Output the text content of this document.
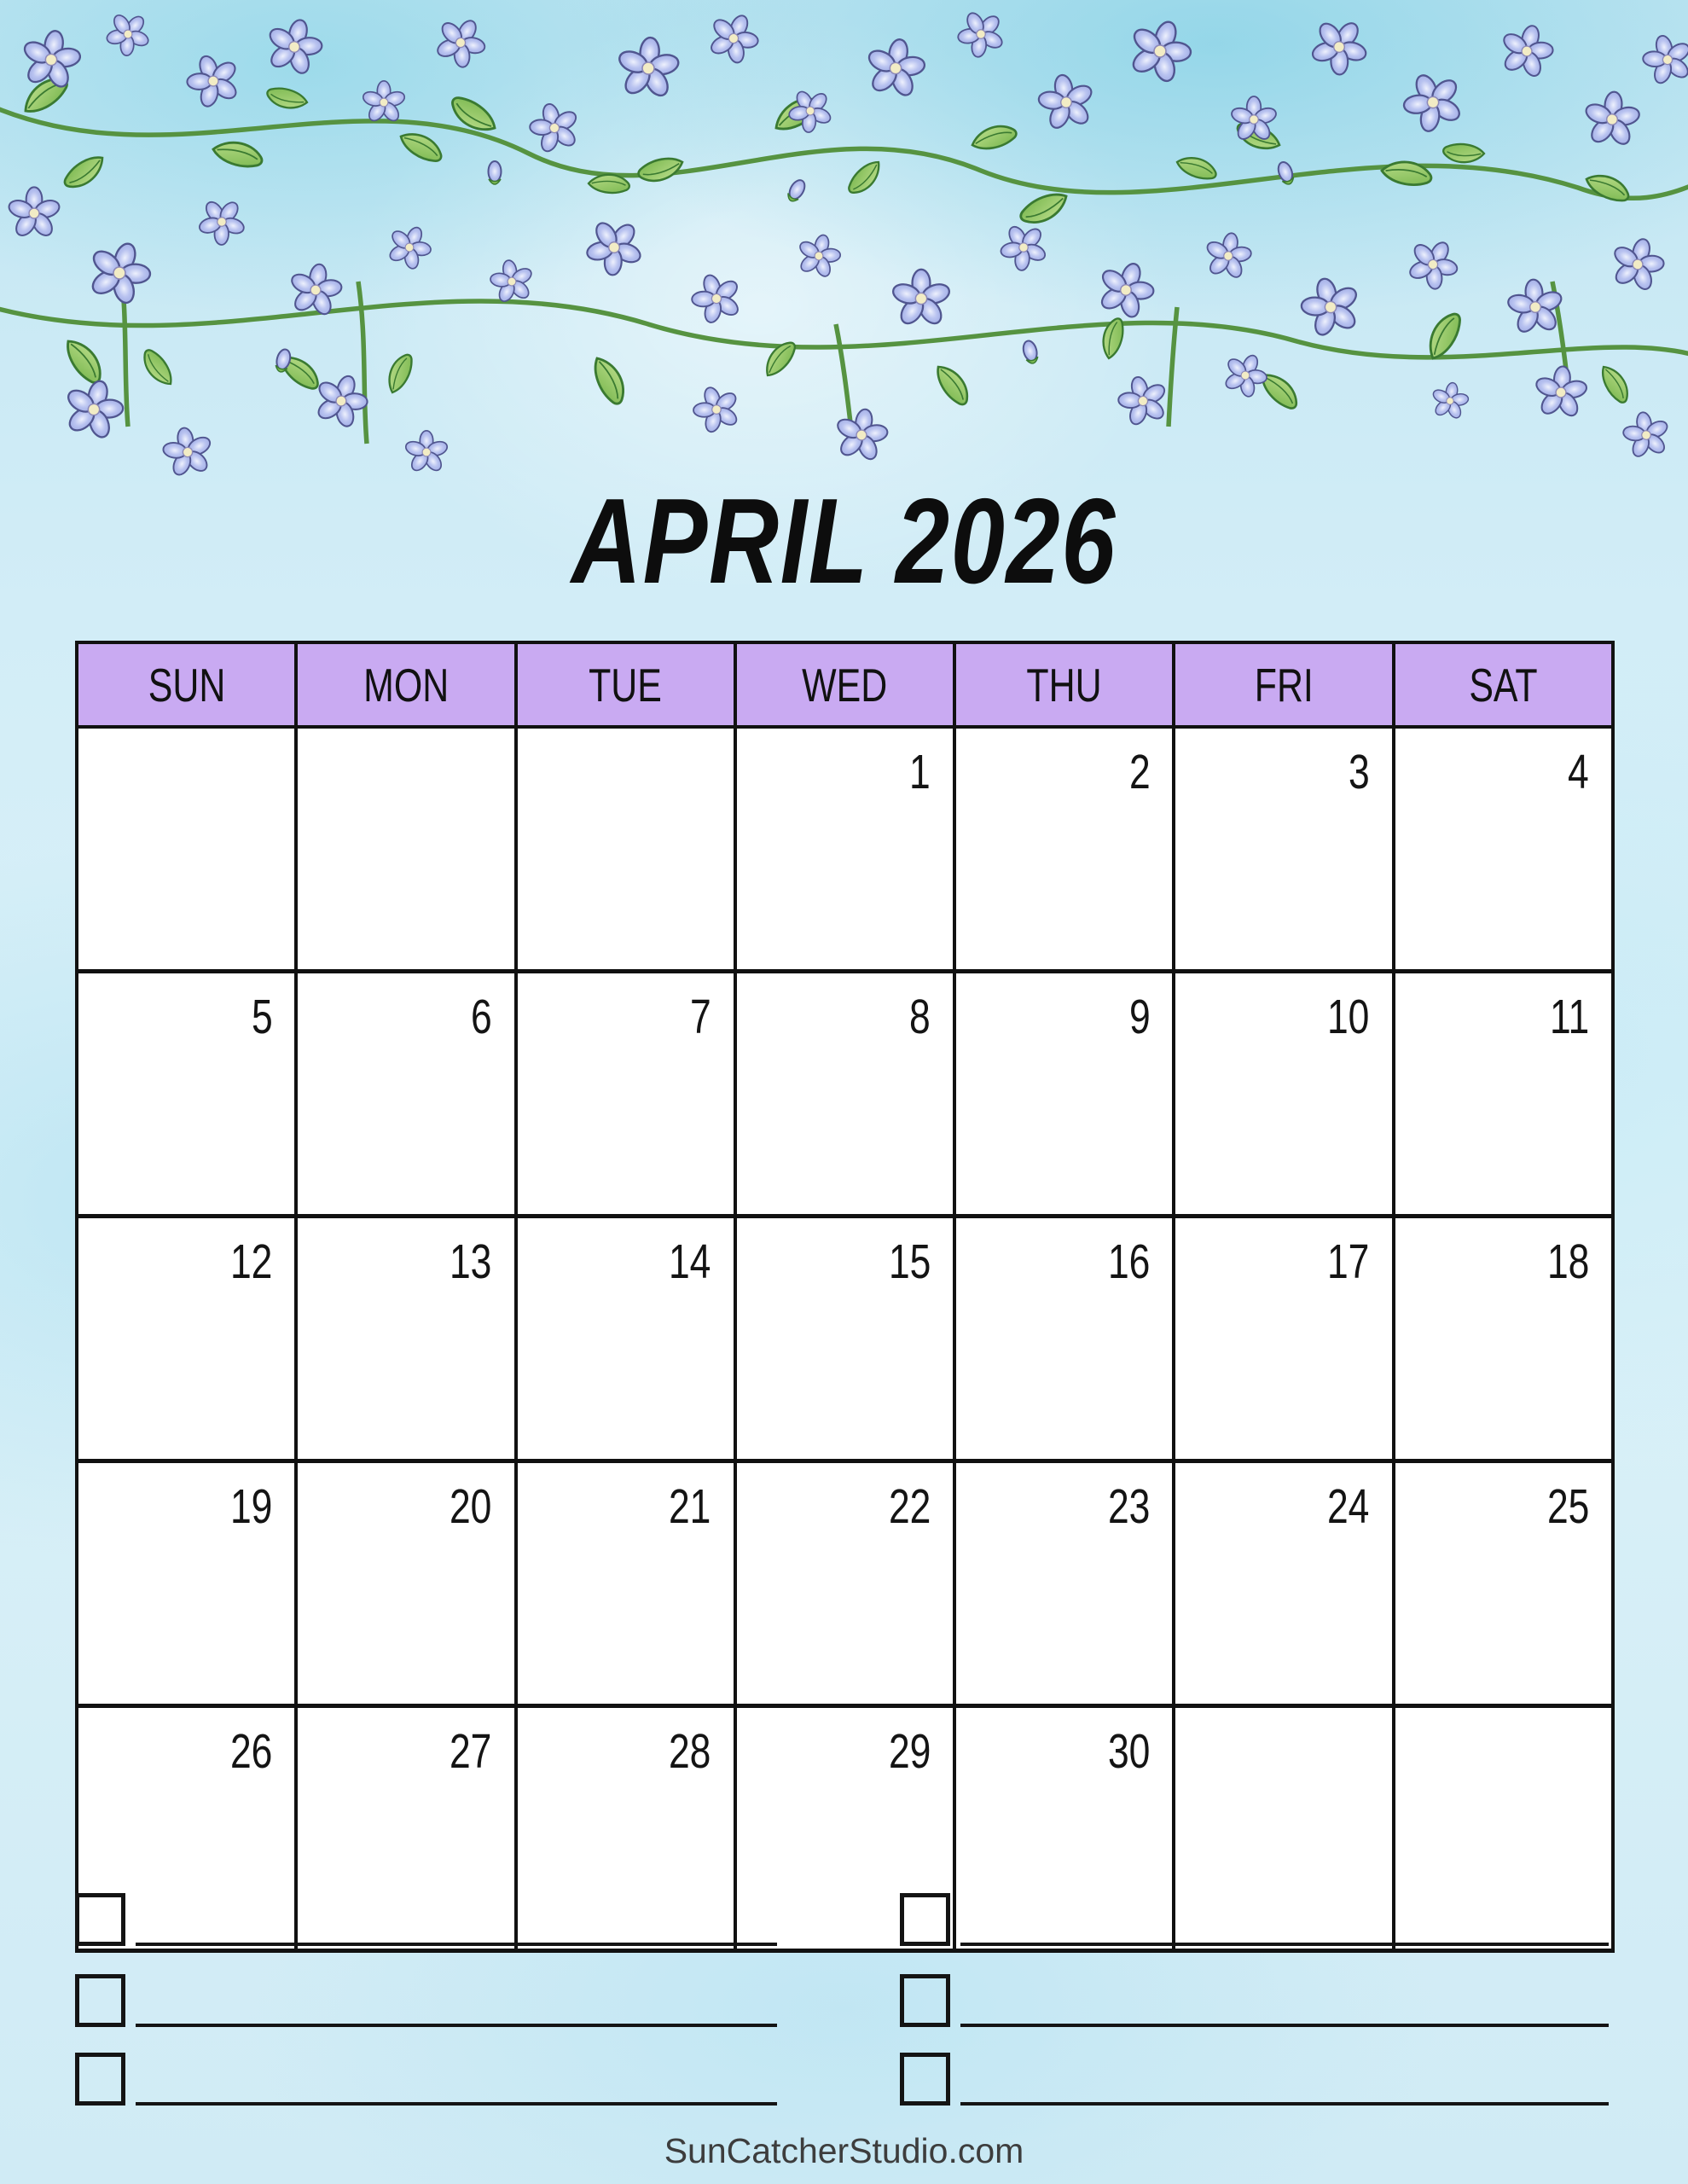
APRIL 2026
SUN	MON	TUE	WED	THU	FRI	SAT
			1	2	3	4
5	6	7	8	9	10	11
12	13	14	15	16	17	18
19	20	21	22	23	24	25
26	27	28	29	30		
SunCatcherStudio.com
